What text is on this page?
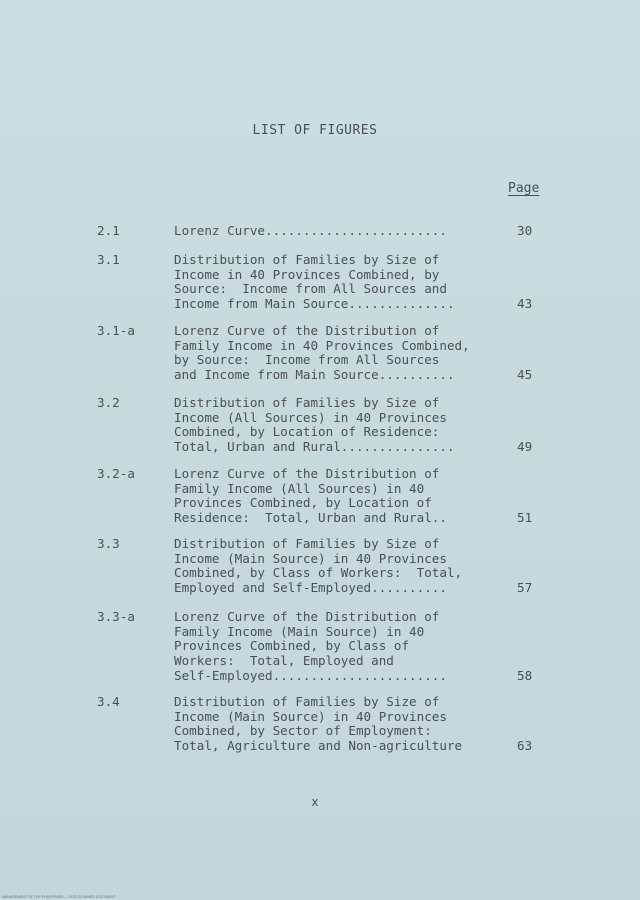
LIST OF FIGURES
Page
2.1	Lorenz Curve........................	30
3.1	Distribution of Families by Size of
Income in 40 Provinces Combined, by
Source:  Income from All Sources and
Income from Main Source..............	43
3.1-a	Lorenz Curve of the Distribution of
Family Income in 40 Provinces Combined,
by Source:  Income from All Sources
and Income from Main Source..........	45
3.2	Distribution of Families by Size of
Income (All Sources) in 40 Provinces
Combined, by Location of Residence:
Total, Urban and Rural...............	49
3.2-a	Lorenz Curve of the Distribution of
Family Income (All Sources) in 40
Provinces Combined, by Location of
Residence:  Total, Urban and Rural..	51
3.3	Distribution of Families by Size of
Income (Main Source) in 40 Provinces
Combined, by Class of Workers:  Total,
Employed and Self-Employed..........	57
3.3-a	Lorenz Curve of the Distribution of
Family Income (Main Source) in 40
Provinces Combined, by Class of
Workers:  Total, Employed and
Self-Employed.......................	58
3.4	Distribution of Families by Size of
Income (Main Source) in 40 Provinces
Combined, by Sector of Employment:
Total, Agriculture and Non-agriculture	63
x
MANAGEMENT OF THE PHILIPPINES — OCR-SCANNED DOCUMENT
